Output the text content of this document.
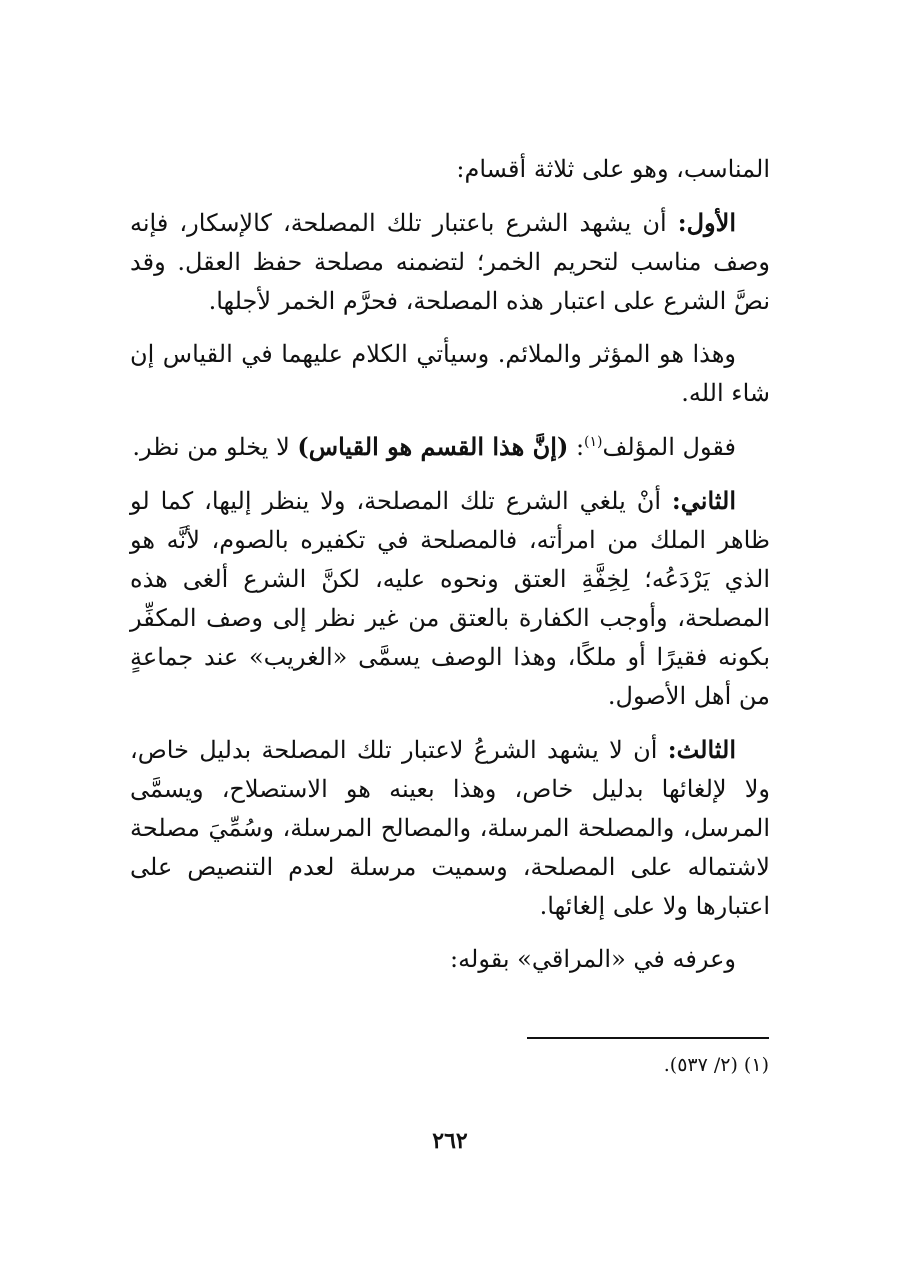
المناسب، وهو على ثلاثة أقسام:

الأول: أن يشهد الشرع باعتبار تلك المصلحة، كالإسكار، فإنه وصف مناسب لتحريم الخمر؛ لتضمنه مصلحة حفظ العقل. وقد نصَّ الشرع على اعتبار هذه المصلحة، فحرَّم الخمر لأجلها.

وهذا هو المؤثر والملائم. وسيأتي الكلام عليهما في القياس إن شاء الله.

فقول المؤلف$^{(١)}$: (إنَّ هذا القسم هو القياس) لا يخلو من نظر.

الثاني: أنْ يلغي الشرع تلك المصلحة، ولا ينظر إليها، كما لو ظاهر الملك من امرأته، فالمصلحة في تكفيره بالصوم، لأنَّه هو الذي يَرْدَعُه؛ لِخِفَّةِ العتق ونحوه عليه، لكنَّ الشرع ألغى هذه المصلحة، وأوجب الكفارة بالعتق من غير نظر إلى وصف المكفِّر بكونه فقيرًا أو ملكًا، وهذا الوصف يسمَّى «الغريب» عند جماعةٍ من أهل الأصول.

الثالث: أن لا يشهد الشرعُ لاعتبار تلك المصلحة بدليل خاص، ولا لإلغائها بدليل خاص، وهذا بعينه هو الاستصلاح، ويسمَّى المرسل، والمصلحة المرسلة، والمصالح المرسلة، وسُمِّيَ مصلحة لاشتماله على المصلحة، وسميت مرسلة لعدم التنصيص على اعتبارها ولا على إلغائها.

وعرفه في «المراقي» بقوله:

(١) (٢/ ٥٣٧).
٢٦٢
